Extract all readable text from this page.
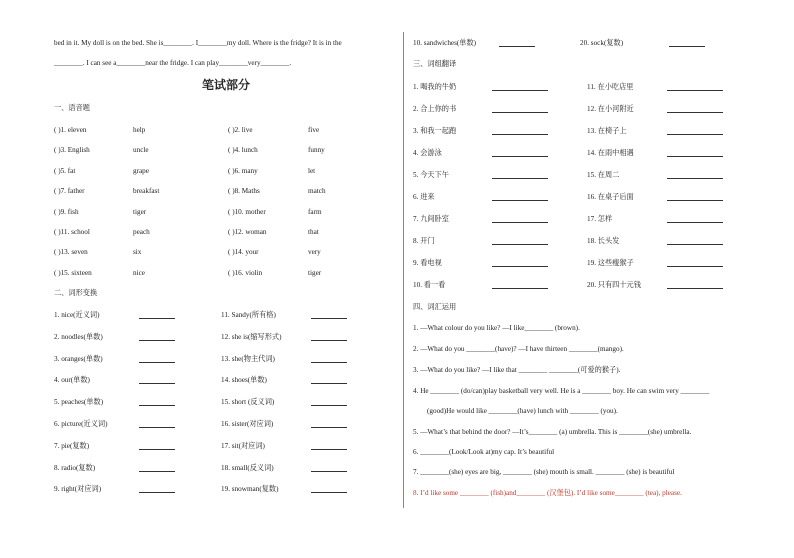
bed in it. My doll is on the bed. She is________. I________my doll. Where is the fridge? It is in the
________. I can see a________near the fridge. I can play________very________.
笔试部分
一、语音题
( )1. eleven	help	( )2. live	five
( )3. English	uncle	( )4. lunch	funny
( )5. fat	grape	( )6. many	let
( )7. father	breakfast	( )8. Maths	match
( )9. fish	tiger	( )10. mother	farm
( )11. school	peach	( )12. woman	that
( )13. seven	six	( )14. your	very
( )15. sixteen	nice	( )16. violin	tiger
二、词形变换
1. nice(近义词)	11. Sandy(所有格)
2. noodles(单数)	12. she is(缩写形式)
3. oranges(单数)	13. she(物主代词)
4. our(单数)	14. shoes(单数)
5. peaches(单数)	15. short (反义词)
6. picture(近义词)	16. sister(对应词)
7. pie(复数)	17. sit(对应词)
8. radio(复数)	18. small(反义词)
9. right(对应词)	19. snowman(复数)
10. sandwiches(单数)	20. sock(复数)
三、词组翻译
1. 喝我的牛奶	11. 在小吃店里
2. 合上你的书	12. 在小河附近
3. 和我一起跑	13. 在椅子上
4. 会游泳	14. 在雨中相遇
5. 今天下午	15. 在周二
6. 进来	16. 在桌子后面
7. 九间卧室	17. 怎样
8. 开门	18. 长头发
9. 看电视	19. 这些瘦猴子
10. 看一看	20. 只有四十元钱
四、词汇运用
1. —What colour do you like? —I like________ (brown).
2. —What do you ________(have)? —I have thirteen ________(mango).
3. —What do you like? —I like that ________ ________(可爱的猴子).
4. He ________ (do/can)play basketball very well. He is a ________ boy. He can swim very ________
(good)He would like ________(have) lunch with ________ (you).
5. —What’s that behind the door? —It’s________ (a) umbrella. This is ________(she) umbrella.
6. ________(Look/Look at)my cap. It’s beautiful
7. ________(she) eyes are big, ________ (she) mouth is small. ________ (she) is beautiful
8. I’d like some ________ (fish)and________ (汉堡包). I’d like some________ (tea), please.
